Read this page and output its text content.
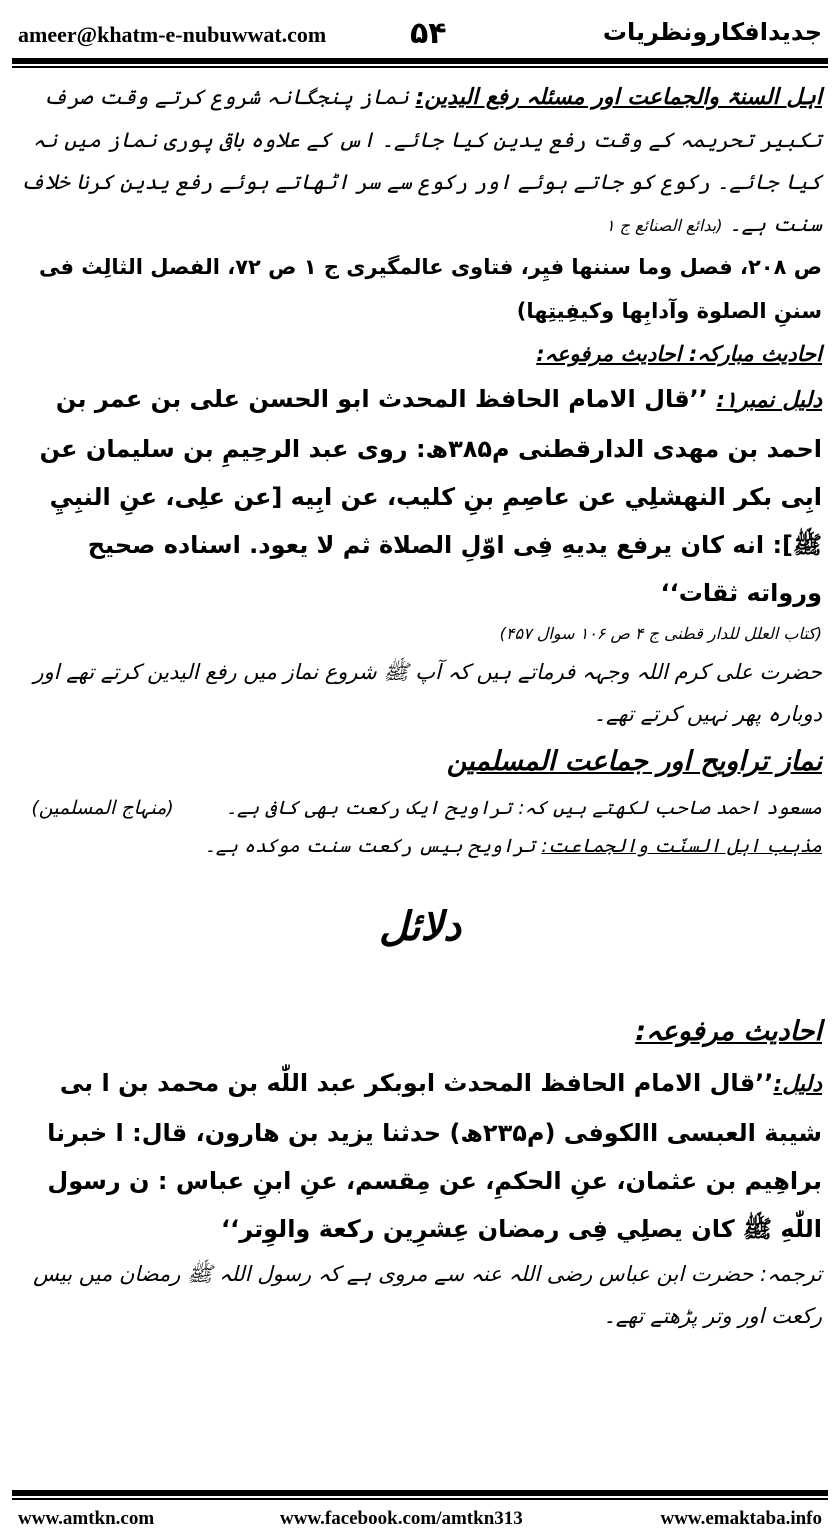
ameer@khatm-e-nubuwwat.com	۵۴	جدیدافکارونظریات

اہل السنۃ والجماعت اور مسئلہ رفع الیدین: نماز پنجگانہ شروع کرتے وقت صرف تکبیر تحریمہ کے وقت رفع یدین کیا جائے۔ اس کے علاوہ باقی پوری نماز میں نہ کیا جائے۔ رکوع کو جاتے ہوئے اور رکوع سے سر اٹھاتے ہوئے رفع یدین کرنا خلاف سنت ہے۔ (بدائع الصنائع ج ۱

ص ۲۰۸، فصل وما سننها فيِر، فتاوی عالمگیری ج ۱ ص ۷۲، الفصل الثالِث فی سننِ الصلوة وآدابِها وكيفِيتِها)

احادیث مبارکہ: احادیث مرفوعہ:

دلیل نمبر۱: ’’قال الامام الحافظ المحدث ابو الحسن على بن عمر بن احمد بن مهدى الدارقطنى م۳۸۵ھ: روى عبد الرحِيمِ بن سليمان عن ابِى بكر النهشلِي عن عاصِمِ بنِ كليب، عن ابِيه [عن علِى، عنِ النبِيِ ﷺ]: انه كان يرفع يديهِ فِى اوّلِ الصلاة ثم لا يعود. اسناده صحيح ورواته ثقات‘‘

(کتاب العلل للدار قطنی ج ۴ ص ۱۰۶ سوال ۴۵۷)

حضرت علی کرم اللہ وجہہ فرماتے ہیں کہ آپ ﷺ شروع نماز میں رفع الیدین کرتے تھے اور دوبارہ پھر نہیں کرتے تھے۔

نماز تراویح اور جماعت المسلمین

مسعود احمد صاحب لکھتے ہیں کہ: تراویح ایک رکعت بھی کافی ہے۔  (منہاج المسلمین)

مذہب اہل السنّت والجماعت: تراویح بیس رکعت سنت موکدہ ہے۔

دلائل

احادیث مرفوعہ:

دلیل:’’قال الامام الحافظ المحدث ابوبكر عبد اللّٰه بن محمد بن ا بى شيبة العبسى االكوفى (م۲۳۵ھ) حدثنا يزيد بن هارون، قال: ا خبرنا براهِيم بن عثمان، عنِ الحكمِ، عن مِقسم، عنِ ابنِ عباس : ن رسول اللّٰهِ ﷺ كان يصلِي فِى رمضان عِشرِين ركعة والوِتر‘‘

ترجمہ: حضرت ابن عباس رضی اللہ عنہ سے مروی ہے کہ رسول اللہ ﷺ رمضان میں بیس رکعت اور وتر پڑھتے تھے۔

www.amtkn.com	www.facebook.com/amtkn313	www.emaktaba.info
